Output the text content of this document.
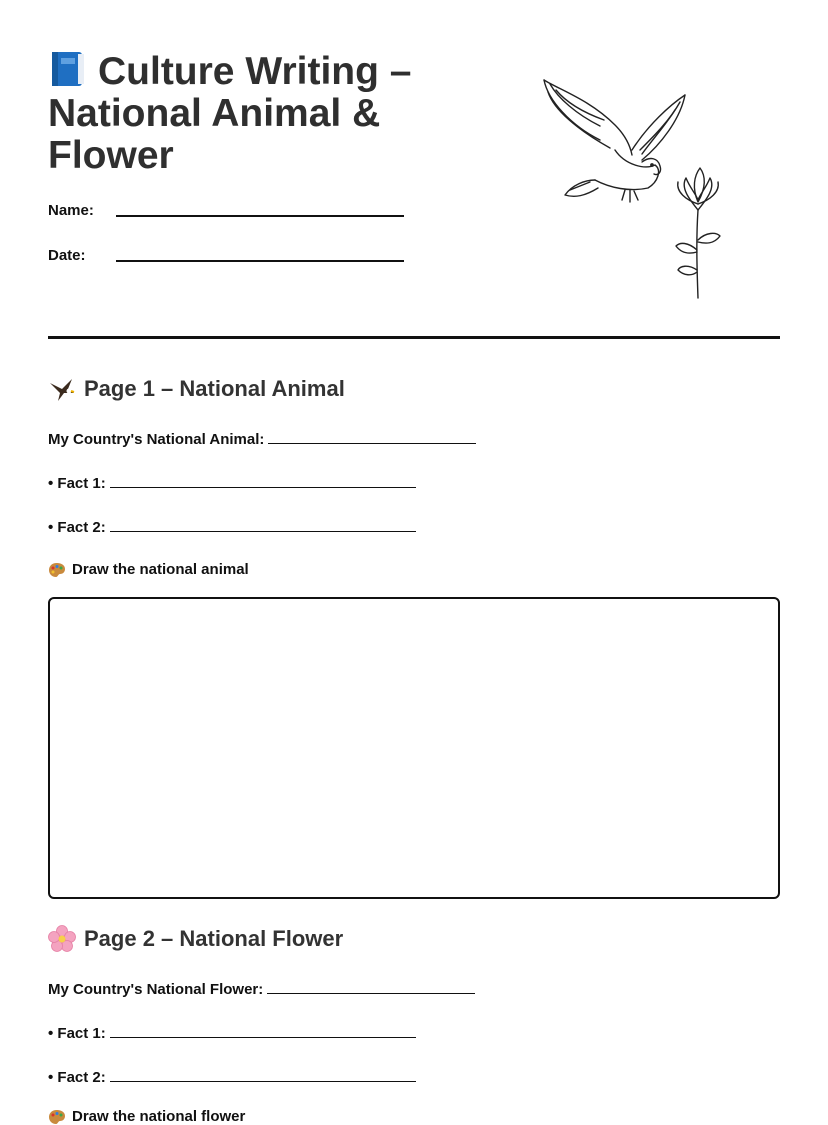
Culture Writing – National Animal & Flower
Name:
Date:
Page 1 – National Animal
My Country's National Animal:
• Fact 1:
• Fact 2:
Draw the national animal
Page 2 – National Flower
My Country's National Flower:
• Fact 1:
• Fact 2:
Draw the national flower
